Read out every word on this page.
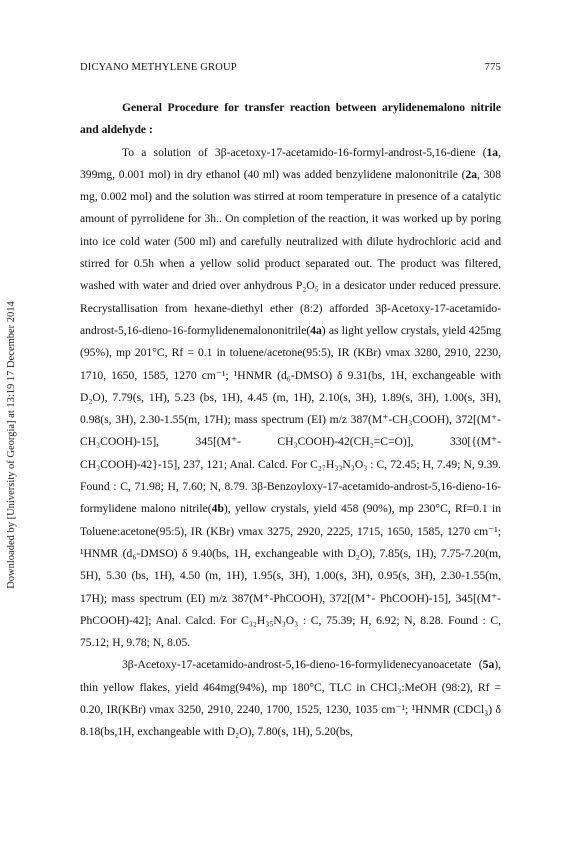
DICYANO METHYLENE GROUP	775
Downloaded by [University of Georgia] at 13:19 17 December 2014

General Procedure for transfer reaction between arylidenemalono nitrile and aldehyde :

To a solution of 3β-acetoxy-17-acetamido-16-formyl-androst-5,16-diene (1a, 399mg, 0.001 mol) in dry ethanol (40 ml) was added benzylidene malononitrile (2a, 308 mg, 0.002 mol) and the solution was stirred at room temperature in presence of a catalytic amount of pyrrolidene for 3h.. On completion of the reaction, it was worked up by poring into ice cold water (500 ml) and carefully neutralized with dilute hydrochloric acid and stirred for 0.5h when a yellow solid product separated out. The product was filtered, washed with water and dried over anhydrous P₂O₅ in a desicator under reduced pressure. Recrystallisation from hexane-diethyl ether (8:2) afforded 3β-Acetoxy-17-acetamido-androst-5,16-dieno-16-formylidenemalononitrile(4a) as light yellow crystals, yield 425mg (95%), mp 201°C, Rf = 0.1 in toluene/acetone(95:5), IR (KBr) νmax 3280, 2910, 2230, 1710, 1650, 1585, 1270 cm⁻¹; ¹HNMR (d₆-DMSO) δ 9.31(bs, 1H, exchangeable with D₂O), 7.79(s, 1H), 5.23 (bs, 1H), 4.45 (m, 1H), 2.10(s, 3H), 1.89(s, 3H), 1.00(s, 3H), 0.98(s, 3H), 2.30-1.55(m, 17H); mass spectrum (EI) m/z 387(M⁺-CH₃COOH), 372[(M⁺- CH₃COOH)-15], 345[(M⁺- CH₃COOH)-42(CH₂=C=O)], 330[{(M⁺- CH₃COOH)-42}-15], 237, 121; Anal. Calcd. For C₂₇H₃₃N₃O₃ : C, 72.45; H, 7.49; N, 9.39. Found : C, 71.98; H, 7.60; N, 8.79. 3β-Benzoyloxy-17-acetamido-androst-5,16-dieno-16-formylidene malono nitrile(4b), yellow crystals, yield 458 (90%), mp 230°C, Rf=0.1 in Toluene:acetone(95:5), IR (KBr) νmax 3275, 2920, 2225, 1715, 1650, 1585, 1270 cm⁻¹; ¹HNMR (d₆-DMSO) δ 9.40(bs, 1H, exchangeable with D₂O), 7.85(s, 1H), 7.75-7.20(m, 5H), 5.30 (bs, 1H), 4.50 (m, 1H), 1.95(s, 3H), 1.00(s, 3H), 0.95(s, 3H), 2.30-1.55(m, 17H); mass spectrum (EI) m/z 387(M⁺-PhCOOH), 372[(M⁺- PhCOOH)-15], 345[(M⁺- PhCOOH)-42]; Anal. Calcd. For C₃₂H₃₅N₃O₃ : C, 75.39; H, 6.92; N, 8.28. Found : C, 75.12; H, 9.78; N, 8.05.

3β-Acetoxy-17-acetamido-androst-5,16-dieno-16-formylidenecyanoacetate (5a), thin yellow flakes, yield 464mg(94%), mp 180°C, TLC in CHCl₃:MeOH (98:2), Rf = 0.20, IR(KBr) νmax 3250, 2910, 2240, 1700, 1525, 1230, 1035 cm⁻¹; ¹HNMR (CDCl₃) δ 8.18(bs,1H, exchangeable with D₂O), 7.80(s, 1H), 5.20(bs,
